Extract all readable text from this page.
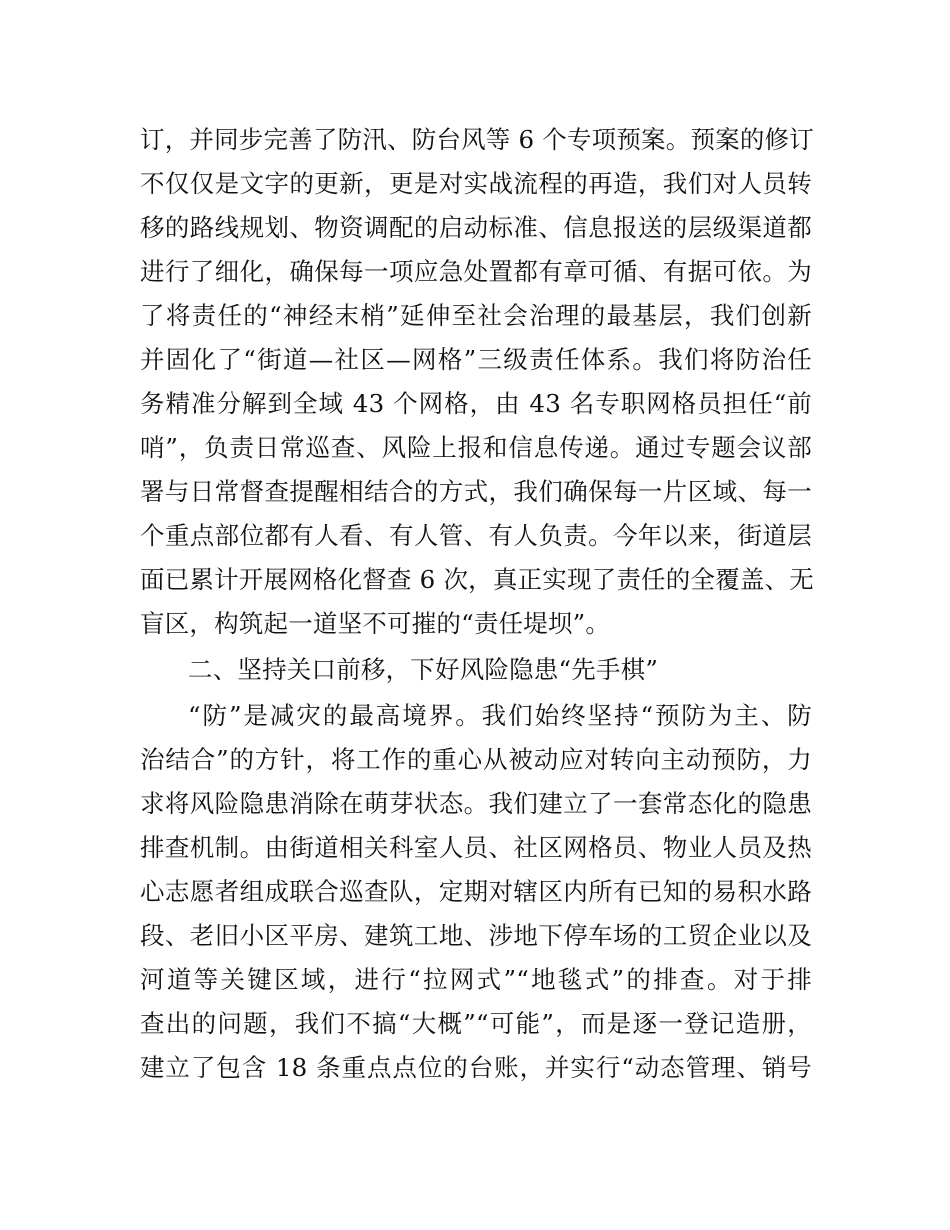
订，并同步完善了防汛、防台风等 6 个专项预案。预案的修订
不仅仅是文字的更新，更是对实战流程的再造，我们对人员转
移的路线规划、物资调配的启动标准、信息报送的层级渠道都
进行了细化，确保每一项应急处置都有章可循、有据可依。为
了将责任的“神经末梢”延伸至社会治理的最基层，我们创新
并固化了“街道—社区—网格”三级责任体系。我们将防治任
务精准分解到全域 43 个网格，由 43 名专职网格员担任“前
哨”，负责日常巡查、风险上报和信息传递。通过专题会议部
署与日常督查提醒相结合的方式，我们确保每一片区域、每一
个重点部位都有人看、有人管、有人负责。今年以来，街道层
面已累计开展网格化督查 6 次，真正实现了责任的全覆盖、无
盲区，构筑起一道坚不可摧的“责任堤坝”。
二、坚持关口前移，下好风险隐患“先手棋”
“防”是减灾的最高境界。我们始终坚持“预防为主、防
治结合”的方针，将工作的重心从被动应对转向主动预防，力
求将风险隐患消除在萌芽状态。我们建立了一套常态化的隐患
排查机制。由街道相关科室人员、社区网格员、物业人员及热
心志愿者组成联合巡查队，定期对辖区内所有已知的易积水路
段、老旧小区平房、建筑工地、涉地下停车场的工贸企业以及
河道等关键区域，进行“拉网式”“地毯式”的排查。对于排
查出的问题，我们不搞“大概”“可能”，而是逐一登记造册，
建立了包含 18 条重点点位的台账，并实行“动态管理、销号
